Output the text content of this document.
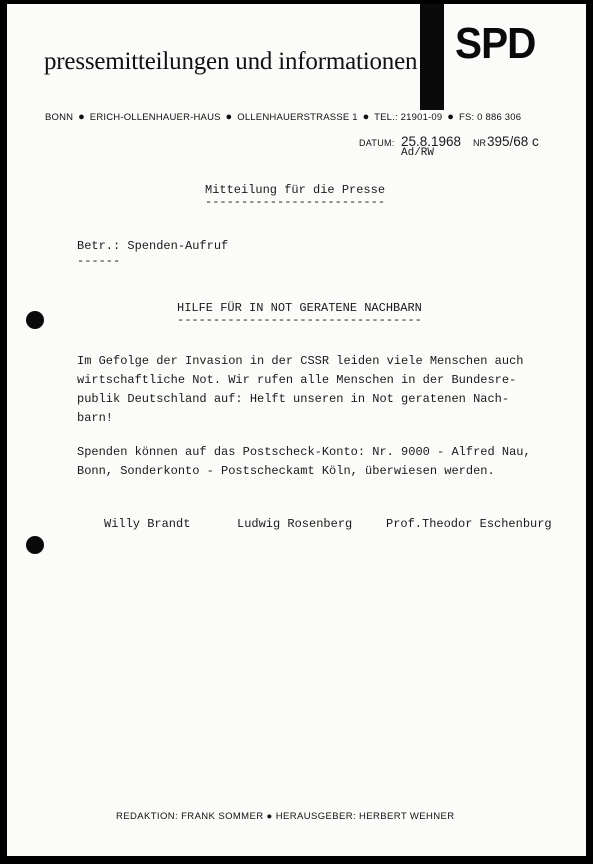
SPD
pressemitteilungen und informationen
BONN ● ERICH-OLLENHAUER-HAUS ● OLLENHAUERSTRASSE 1 ● TEL.: 21901-09 ● FS: 0 886 306
DATUM: 25.8.1968 NR 395/68 c
Ad/RW
Mitteilung für die Presse
-------------------------
Betr.: Spenden-Aufruf
------
HILFE FÜR IN NOT GERATENE NACHBARN
----------------------------------
Im Gefolge der Invasion in der CSSR leiden viele Menschen auch
wirtschaftliche Not. Wir rufen alle Menschen in der Bundesre-
publik Deutschland auf: Helft unseren in Not geratenen Nach-
barn!
Spenden können auf das Postscheck-Konto: Nr. 9000 - Alfred Nau,
Bonn, Sonderkonto - Postscheckamt Köln, überwiesen werden.
Willy Brandt	Ludwig Rosenberg	Prof.Theodor Eschenburg
REDAKTION: FRANK SOMMER ● HERAUSGEBER: HERBERT WEHNER
